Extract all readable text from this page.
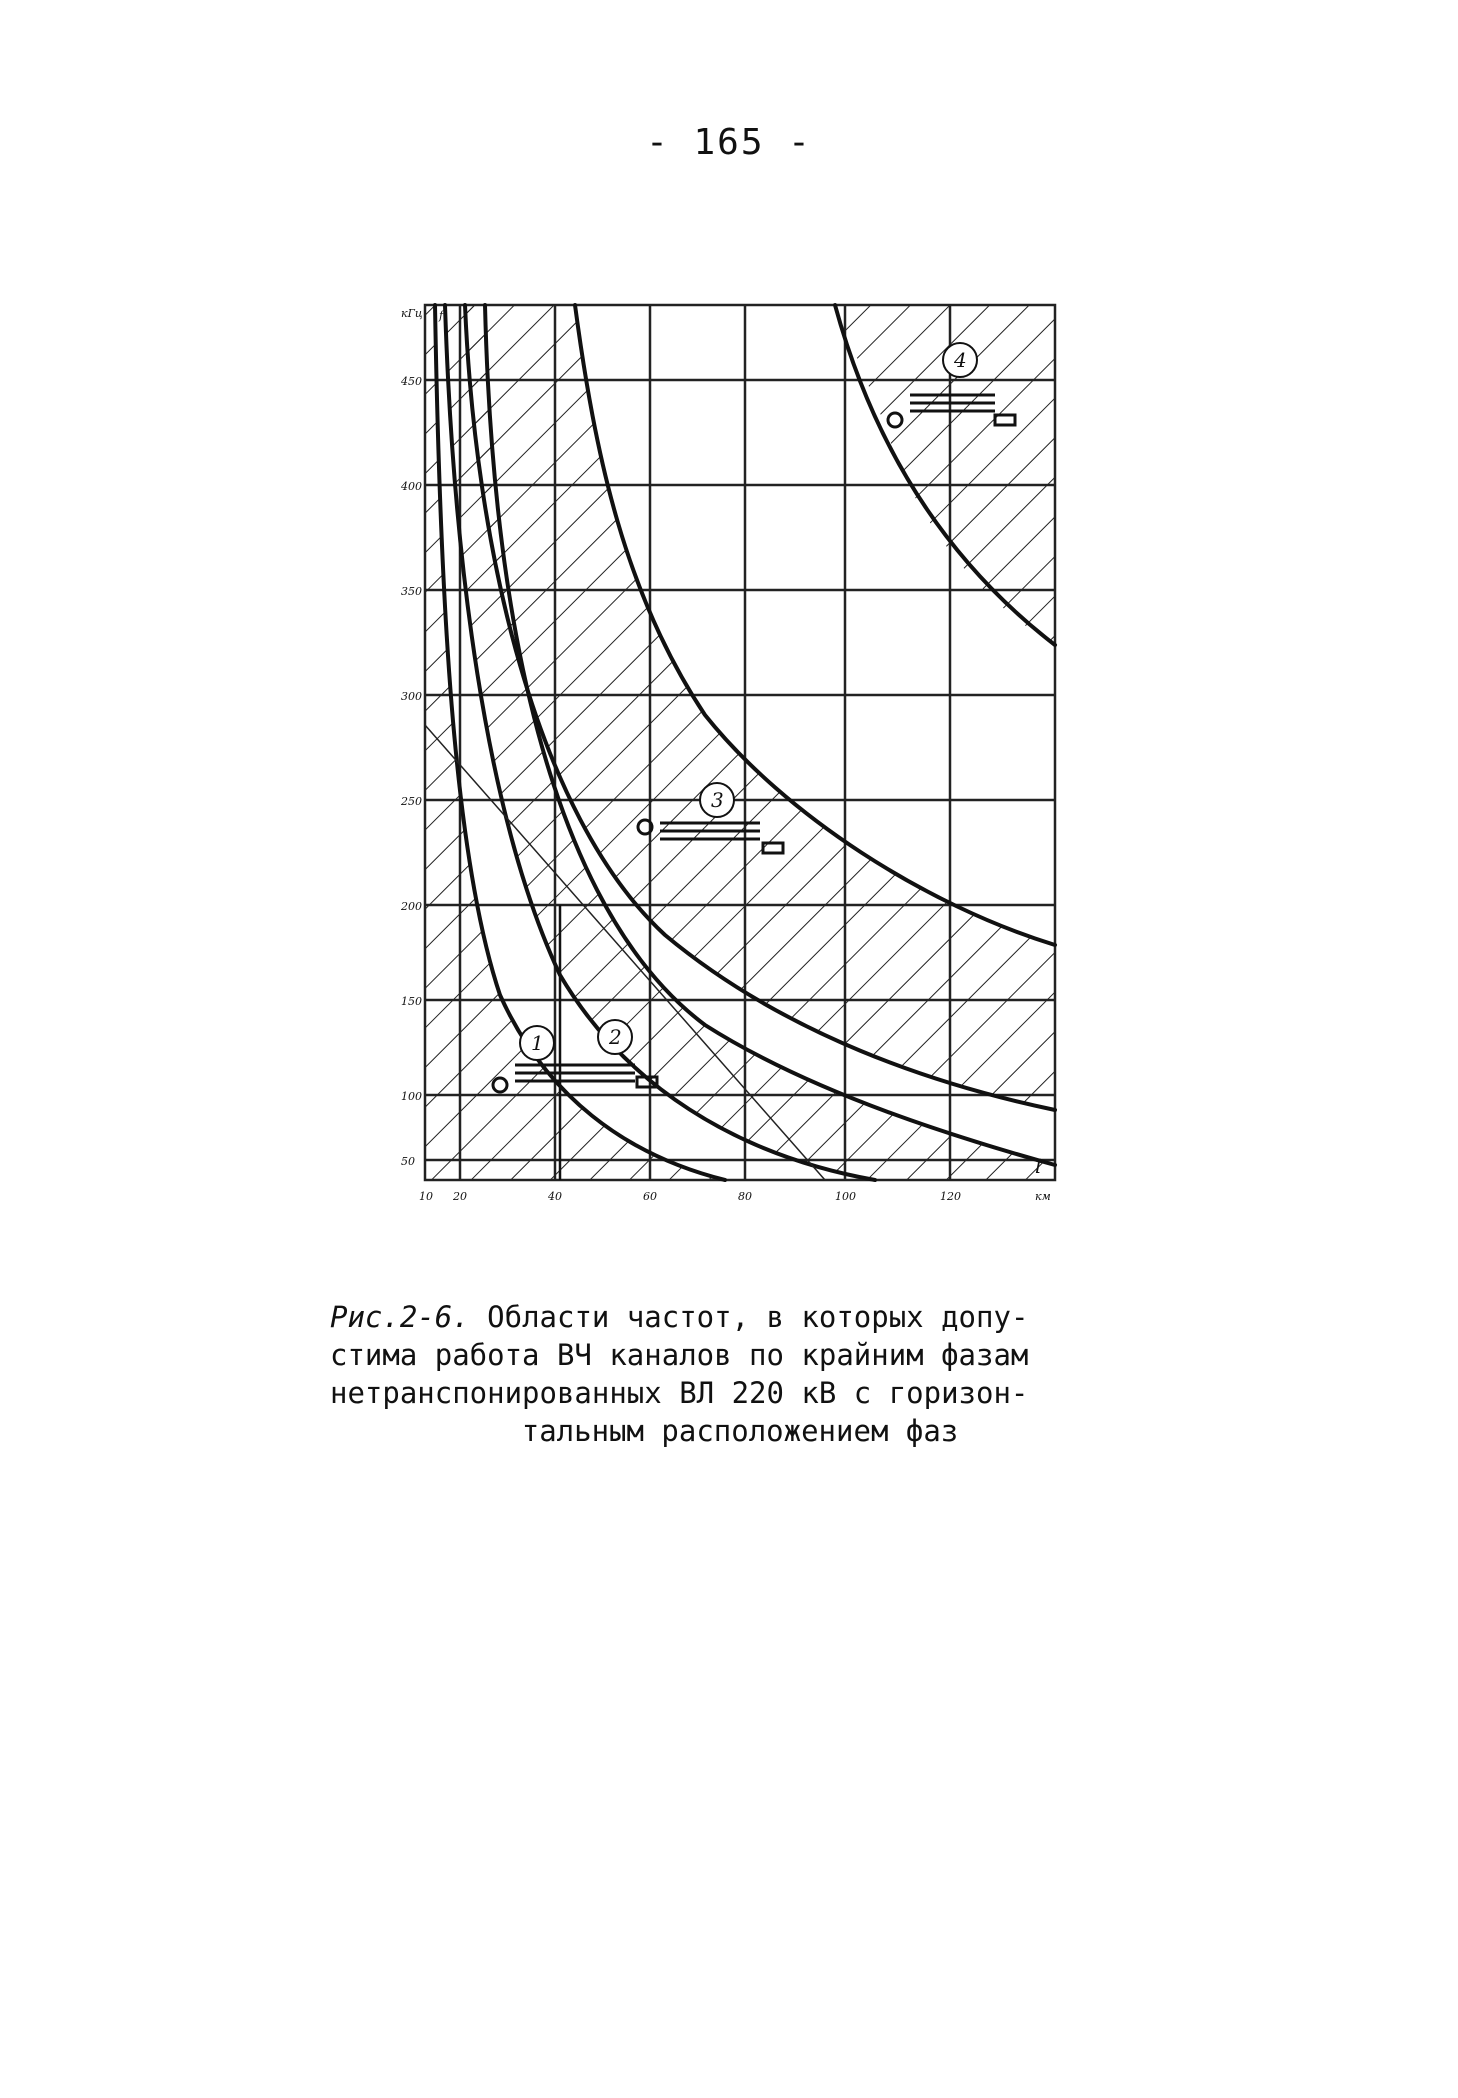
- 165 -
1	2
3
4
l
f
кГц
450
400
350
300
250
200
150
100
50
10 20	40	60	80	100	120	км
Рис.2-6. Области частот, в которых допу-
стима работа ВЧ каналов по крайним фазам
нетранспонированных ВЛ 220 кВ с горизон-
тальным расположением фаз
